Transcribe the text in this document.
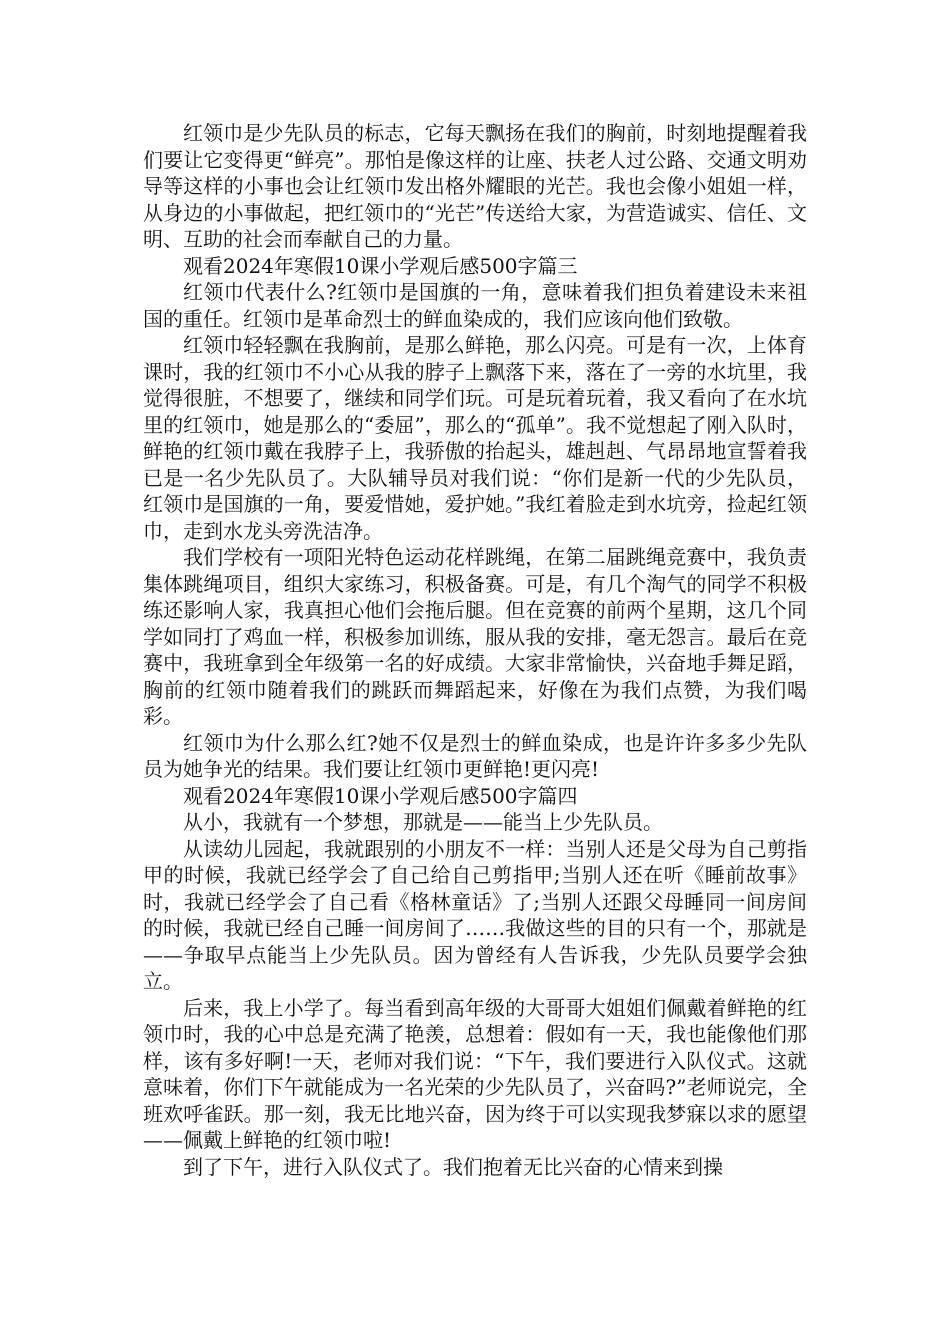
红领巾是少先队员的标志，它每天飘扬在我们的胸前，时刻地提醒着我们要让它变得更“鲜亮”。那怕是像这样的让座、扶老人过公路、交通文明劝导等这样的小事也会让红领巾发出格外耀眼的光芒。我也会像小姐姐一样，从身边的小事做起，把红领巾的“光芒”传送给大家，为营造诚实、信任、文明、互助的社会而奉献自己的力量。

观看2024年寒假10课小学观后感500字篇三

红领巾代表什么?红领巾是国旗的一角，意味着我们担负着建设未来祖国的重任。红领巾是革命烈士的鲜血染成的，我们应该向他们致敬。

红领巾轻轻飘在我胸前，是那么鲜艳，那么闪亮。可是有一次，上体育课时，我的红领巾不小心从我的脖子上飘落下来，落在了一旁的水坑里，我觉得很脏，不想要了，继续和同学们玩。可是玩着玩着，我又看向了在水坑里的红领巾，她是那么的“委屈”，那么的“孤单”。我不觉想起了刚入队时，鲜艳的红领巾戴在我脖子上，我骄傲的抬起头，雄赳赳、气昂昂地宣誓着我已是一名少先队员了。大队辅导员对我们说：“你们是新一代的少先队员，红领巾是国旗的一角，要爱惜她，爱护她。”我红着脸走到水坑旁，捡起红领巾，走到水龙头旁洗洁净。

我们学校有一项阳光特色运动花样跳绳，在第二届跳绳竞赛中，我负责集体跳绳项目，组织大家练习，积极备赛。可是，有几个淘气的同学不积极练还影响人家，我真担心他们会拖后腿。但在竞赛的前两个星期，这几个同学如同打了鸡血一样，积极参加训练，服从我的安排，毫无怨言。最后在竞赛中，我班拿到全年级第一名的好成绩。大家非常愉快，兴奋地手舞足蹈，胸前的红领巾随着我们的跳跃而舞蹈起来，好像在为我们点赞，为我们喝彩。

红领巾为什么那么红?她不仅是烈士的鲜血染成，也是许许多多少先队员为她争光的结果。我们要让红领巾更鲜艳!更闪亮!

观看2024年寒假10课小学观后感500字篇四

从小，我就有一个梦想，那就是——能当上少先队员。

从读幼儿园起，我就跟别的小朋友不一样：当别人还是父母为自己剪指甲的时候，我就已经学会了自己给自己剪指甲;当别人还在听《睡前故事》时，我就已经学会了自己看《格林童话》了;当别人还跟父母睡同一间房间的时候，我就已经自己睡一间房间了……我做这些的目的只有一个，那就是——争取早点能当上少先队员。因为曾经有人告诉我，少先队员要学会独立。

后来，我上小学了。每当看到高年级的大哥哥大姐姐们佩戴着鲜艳的红领巾时，我的心中总是充满了艳羡，总想着：假如有一天，我也能像他们那样，该有多好啊!一天，老师对我们说：“下午，我们要进行入队仪式。这就意味着，你们下午就能成为一名光荣的少先队员了，兴奋吗?”老师说完，全班欢呼雀跃。那一刻，我无比地兴奋，因为终于可以实现我梦寐以求的愿望——佩戴上鲜艳的红领巾啦!

到了下午，进行入队仪式了。我们抱着无比兴奋的心情来到操
